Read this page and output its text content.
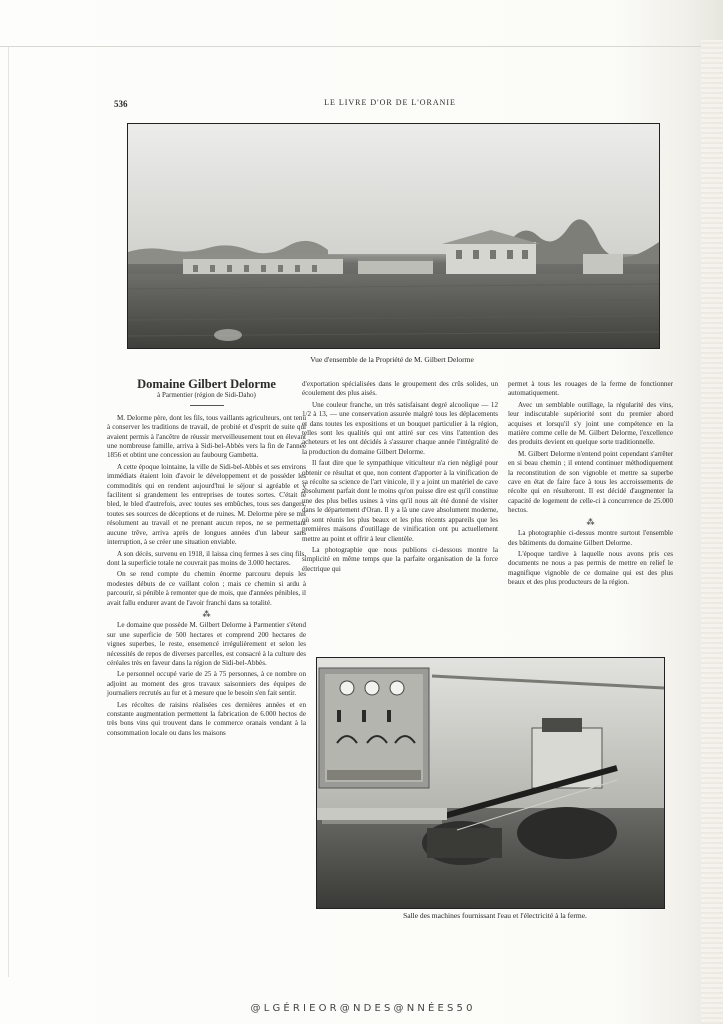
536	LE LIVRE D'OR DE L'ORANIE
Vue d'ensemble de la Propriété de M. Gilbert Delorme

Domaine Gilbert Delorme

à Parmentier (région de Sidi-Daho)

M. Delorme père, dont les fils, tous vaillants agriculteurs, ont tenu à conserver les traditions de travail, de probité et d'esprit de suite qui avaient permis à l'ancêtre de réussir merveilleusement tout en élevant une nombreuse famille, arriva à Sidi-bel-Abbès vers la fin de l'année 1856 et obtint une concession au faubourg Gambetta.

A cette époque lointaine, la ville de Sidi-bel-Abbès et ses environs immédiats étaient loin d'avoir le développement et de posséder les commodités qui en rendent aujourd'hui le séjour si agréable et y facilitent si grandement les entreprises de toutes sortes. C'était le bled, le bled d'autrefois, avec toutes ses embûches, tous ses dangers, toutes ses sources de déceptions et de ruines. M. Delorme père se mit résolument au travail et ne prenant aucun repos, ne se permettant aucune trêve, arriva après de longues années d'un labeur sans interruption, à se créer une situation enviable.

A son décès, survenu en 1918, il laissa cinq fermes à ses cinq fils, dont la superficie totale ne couvrait pas moins de 3.000 hectares.

On se rend compte du chemin énorme parcouru depuis les modestes débuts de ce vaillant colon ; mais ce chemin si ardu à parcourir, si pénible à remonter que de mois, que d'années pénibles, il avait fallu endurer avant de l'avoir franchi dans sa totalité.

⁂

Le domaine que possède M. Gilbert Delorme à Parmentier s'étend sur une superficie de 500 hectares et comprend 200 hectares de vignes superbes, le reste, ensemencé irrégulièrement et selon les nécessités de repos de diverses parcelles, est consacré à la culture des céréales très en faveur dans la région de Sidi-bel-Abbès.

Le personnel occupé varie de 25 à 75 personnes, à ce nombre on adjoint au moment des gros travaux saisonniers des équipes de journaliers recrutés au fur et à mesure que le besoin s'en fait sentir.

Les récoltes de raisins réalisées ces dernières années et en constante augmentation permettent la fabrication de 6.000 hectos de très bons vins qui trouvent dans le commerce oranais vendant à la consommation locale ou dans les maisons

d'exportation spécialisées dans le groupement des crûs solides, un écoulement des plus aisés.

Une couleur franche, un très satisfaisant degré alcoolique — 12 1/2 à 13, — une conservation assurée malgré tous les déplacements et dans toutes les expositions et un bouquet particulier à la région, telles sont les qualités qui ont attiré sur ces vins l'attention des acheteurs et les ont décidés à s'assurer chaque année l'intégralité de la production du domaine Gilbert Delorme.

Il faut dire que le sympathique viticulteur n'a rien négligé pour obtenir ce résultat et que, non content d'apporter à la vinification de sa récolte sa science de l'art vinicole, il y a joint un matériel de cave absolument parfait dont le moins qu'on puisse dire est qu'il constitue une des plus belles usines à vins qu'il nous ait été donné de visiter dans le département d'Oran. Il y a là une cave absolument moderne, où sont réunis les plus beaux et les plus récents appareils que les premières maisons d'outillage de vinification ont pu actuellement mettre au point et offrir à leur clientèle.

La photographie que nous publions ci-dessous montre la simplicité en même temps que la parfaite organisation de la force électrique qui

permet à tous les rouages de la ferme de fonctionner automatiquement.

Avec un semblable outillage, la régularité des vins, leur indiscutable supériorité sont du premier abord acquises et lorsqu'il s'y joint une compétence en la matière comme celle de M. Gilbert Delorme, l'excellence des produits devient en quelque sorte traditionnelle.

M. Gilbert Delorme n'entend point cependant s'arrêter en si beau chemin ; il entend continuer méthodiquement la reconstitution de son vignoble et mettre sa superbe cave en état de faire face à tous les accroissements de récolte qui en résulteront. Il est décidé d'augmenter la capacité de logement de celle-ci à concurrence de 25.000 hectos.

⁂

La photographie ci-dessus montre surtout l'ensemble des bâtiments du domaine Gilbert Delorme.

L'époque tardive à laquelle nous avons pris ces documents ne nous a pas permis de mettre en relief le magnifique vignoble de ce domaine qui est des plus beaux et des plus producteurs de la région.

Salle des machines fournissant l'eau et l'électricité à la ferme.
@ L G É R I E O R @ N D E S @ N N É E S 5 0
